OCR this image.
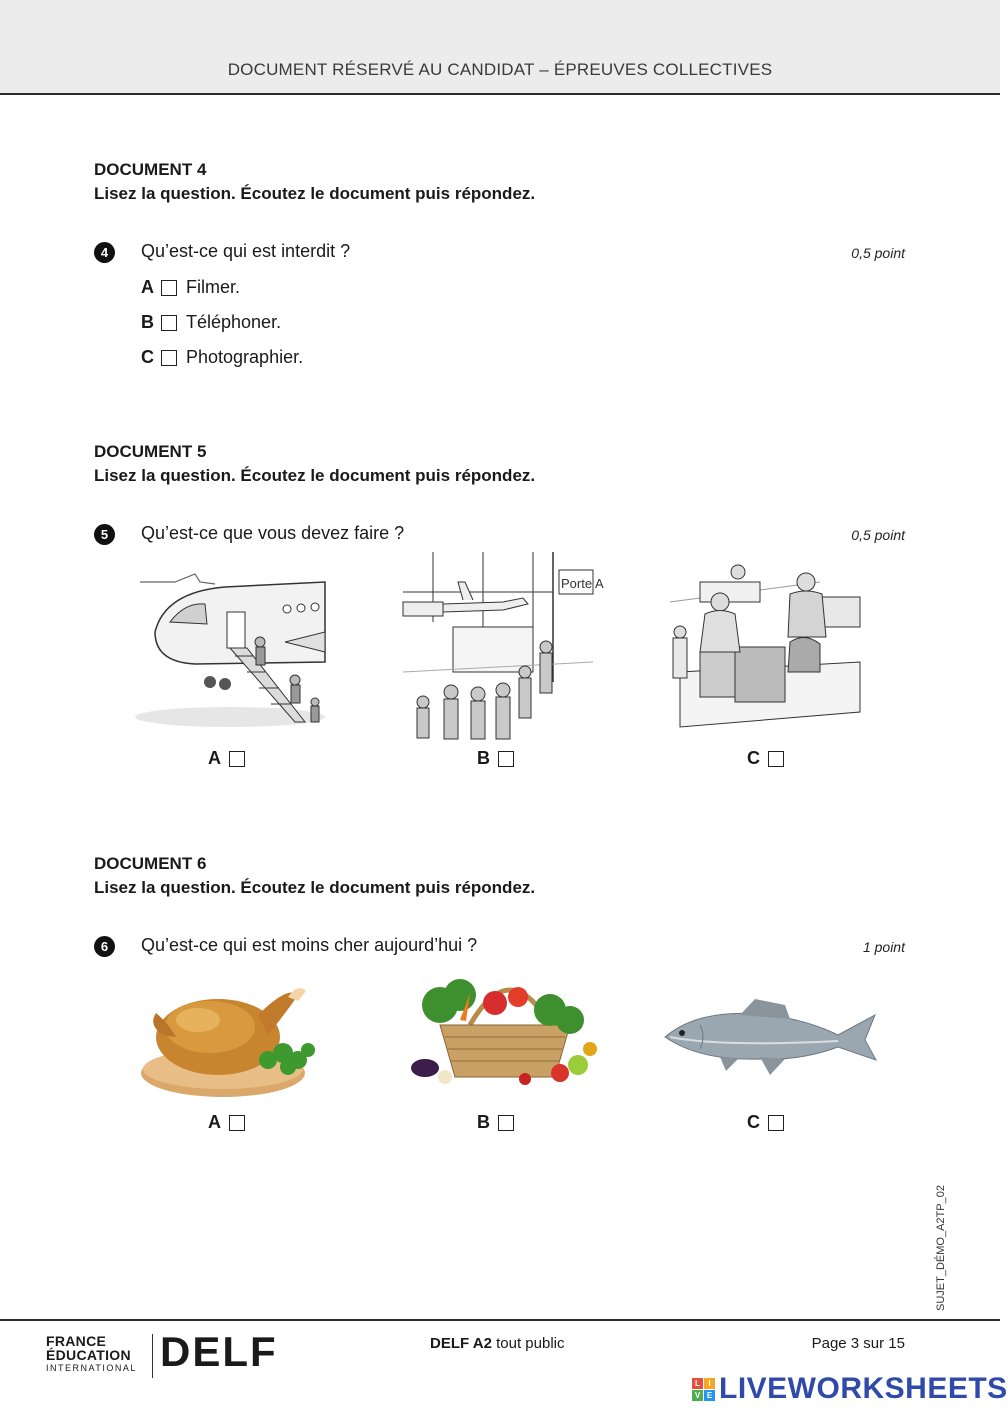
DOCUMENT RÉSERVÉ AU CANDIDAT – ÉPREUVES COLLECTIVES
DOCUMENT 4
Lisez la question. Écoutez le document puis répondez.
4	Qu’est-ce qui est interdit ?	0,5 point
A	Filmer.
B	Téléphoner.
C	Photographier.
DOCUMENT 5
Lisez la question. Écoutez le document puis répondez.
5	Qu’est-ce que vous devez faire ?	0,5 point
A
Porte A
B	C
DOCUMENT 6
Lisez la question. Écoutez le document puis répondez.
6	Qu’est-ce qui est moins cher aujourd’hui ?	1 point
A	B	C
SUJET_DÉMO_A2TP_02
FRANCE
ÉDUCATION
INTERNATIONAL DELF	DELF A2 tout public	Page 3 sur 15
L	I
V E LIVEWORKSHEETS
